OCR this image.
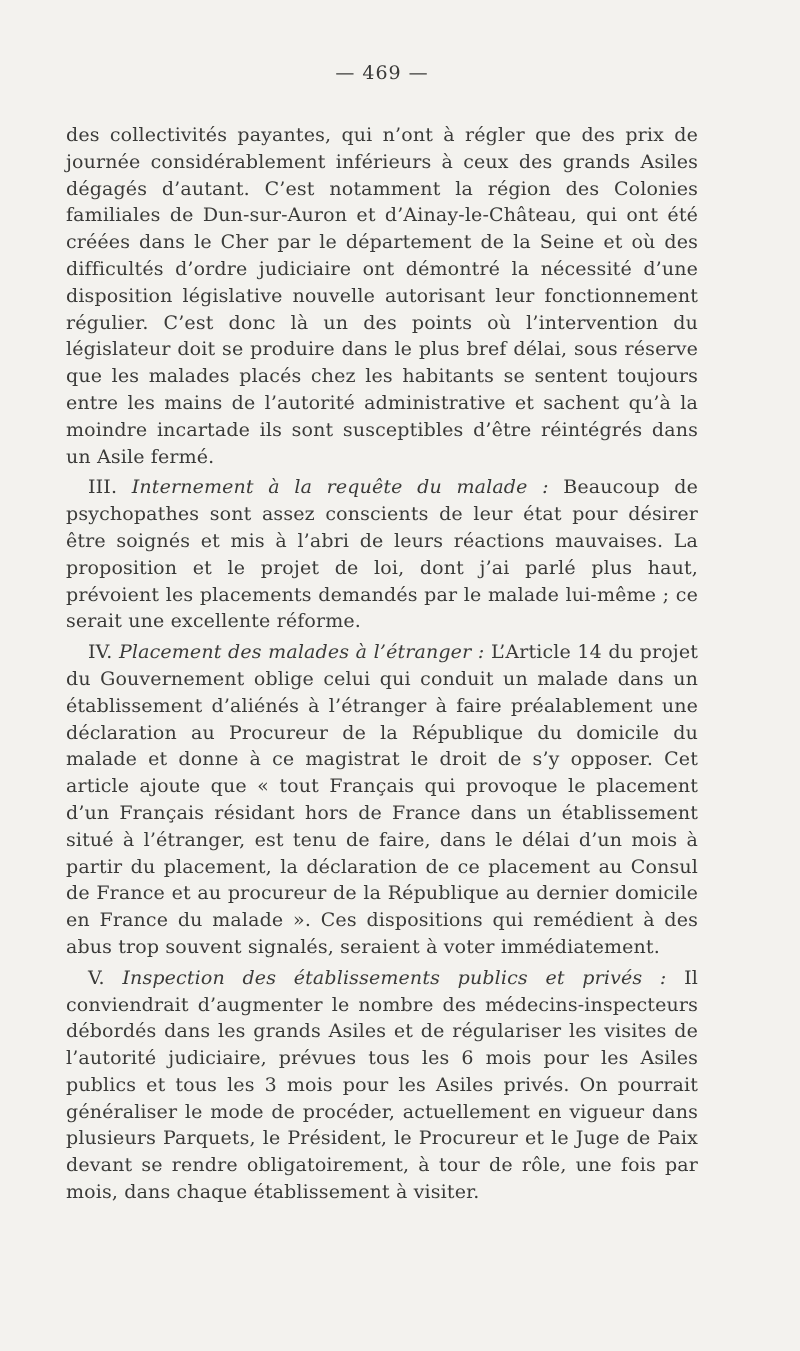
— 469 —

des collectivités payantes, qui n’ont à régler que des prix de journée considérablement inférieurs à ceux des grands Asiles dégagés d’autant. C’est notamment la région des Colonies familiales de Dun-sur-Auron et d’Ainay-le-Château, qui ont été créées dans le Cher par le département de la Seine et où des difficultés d’ordre judiciaire ont démontré la nécessité d’une disposition législative nouvelle autorisant leur fonctionnement régulier. C’est donc là un des points où l’intervention du législateur doit se produire dans le plus bref délai, sous réserve que les malades placés chez les habitants se sentent toujours entre les mains de l’autorité administrative et sachent qu’à la moindre incartade ils sont susceptibles d’être réintégrés dans un Asile fermé.

III. Internement à la requête du malade : Beaucoup de psychopathes sont assez conscients de leur état pour désirer être soignés et mis à l’abri de leurs réactions mauvaises. La proposition et le projet de loi, dont j’ai parlé plus haut, prévoient les placements demandés par le malade lui-même ; ce serait une excellente réforme.

IV. Placement des malades à l’étranger : L’Article 14 du projet du Gouvernement oblige celui qui conduit un malade dans un établissement d’aliénés à l’étranger à faire préalablement une déclaration au Procureur de la République du domicile du malade et donne à ce magistrat le droit de s’y opposer. Cet article ajoute que « tout Français qui provoque le placement d’un Français résidant hors de France dans un établissement situé à l’étranger, est tenu de faire, dans le délai d’un mois à partir du placement, la déclaration de ce placement au Consul de France et au procureur de la République au dernier domicile en France du malade ». Ces dispositions qui remédient à des abus trop souvent signalés, seraient à voter immédiatement.

V. Inspection des établissements publics et privés : Il conviendrait d’augmenter le nombre des médecins-inspecteurs débordés dans les grands Asiles et de régulariser les visites de l’autorité judiciaire, prévues tous les 6 mois pour les Asiles publics et tous les 3 mois pour les Asiles privés. On pourrait généraliser le mode de procéder, actuellement en vigueur dans plusieurs Parquets, le Président, le Procureur et le Juge de Paix devant se rendre obligatoirement, à tour de rôle, une fois par mois, dans chaque établissement à visiter.
